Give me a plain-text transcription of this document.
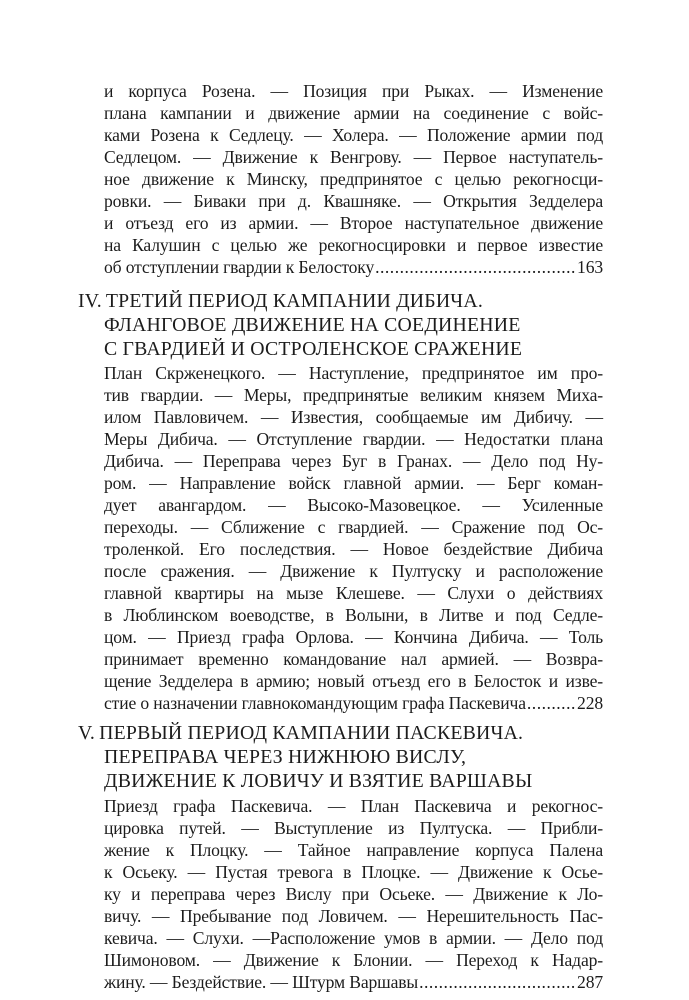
и корпуса Розена. — Позиция при Рыках. — Изменение
плана кампании и движение армии на соединение с войс-
ками Розена к Седлецу. — Холера. — Положение армии под
Седлецом. — Движение к Венгрову. — Первое наступатель-
ное движение к Минску, предпринятое с целью рекогносци-
ровки. — Биваки при д. Квашняке. — Открытия Зедделера
и отъезд его из армии. — Второе наступательное движение
на Калушин с целью же рекогносцировки и первое известие
об отступлении гвардии к Белостоку .....	163
IV. ТРЕТИЙ ПЕРИОД КАМПАНИИ ДИБИЧА.
ФЛАНГОВОЕ ДВИЖЕНИЕ НА СОЕДИНЕНИЕ
С ГВАРДИЕЙ И ОСТРОЛЕНСКОЕ СРАЖЕНИЕ
План Скрженецкого. — Наступление, предпринятое им про-
тив гвардии. — Меры, предпринятые великим князем Миха-
илом Павловичем. — Известия, сообщаемые им Дибичу. —
Меры Дибича. — Отступление гвардии. — Недостатки плана
Дибича. — Переправа через Буг в Гранах. — Дело под Ну-
ром. — Направление войск главной армии. — Берг коман-
дует авангардом. — Высоко-Мазовецкое. — Усиленные
переходы. — Сближение с гвардией. — Сражение под Ос-
троленкой. Его последствия. — Новое бездействие Дибича
после сражения. — Движение к Пултуску и расположение
главной квартиры на мызе Клешеве. — Слухи о действиях
в Люблинском воеводстве, в Волыни, в Литве и под Седле-
цом. — Приезд графа Орлова. — Кончина Дибича. — Толь
принимает временно командование нал армией. — Возвра-
щение Зедделера в армию; новый отъезд его в Белосток и изве-
стие о назначении главнокомандующим графа Паскевича .....	228
V. ПЕРВЫЙ ПЕРИОД КАМПАНИИ ПАСКЕВИЧА.
ПЕРЕПРАВА ЧЕРЕЗ НИЖНЮЮ ВИСЛУ,
ДВИЖЕНИЕ К ЛОВИЧУ И ВЗЯТИЕ ВАРШАВЫ
Приезд графа Паскевича. — План Паскевича и рекогнос-
цировка путей. — Выступление из Пултуска. — Прибли-
жение к Плоцку. — Тайное направление корпуса Палена
к Осьеку. — Пустая тревога в Плоцке. — Движение к Осье-
ку и переправа через Вислу при Осьеке. — Движение к Ло-
вичу. — Пребывание под Ловичем. — Нерешительность Пас-
кевича. — Слухи. —Расположение умов в армии. — Дело под
Шимоновом. — Движение к Блонии. — Переход к Надар-
жину. — Бездействие. — Штурм Варшавы .....	287
